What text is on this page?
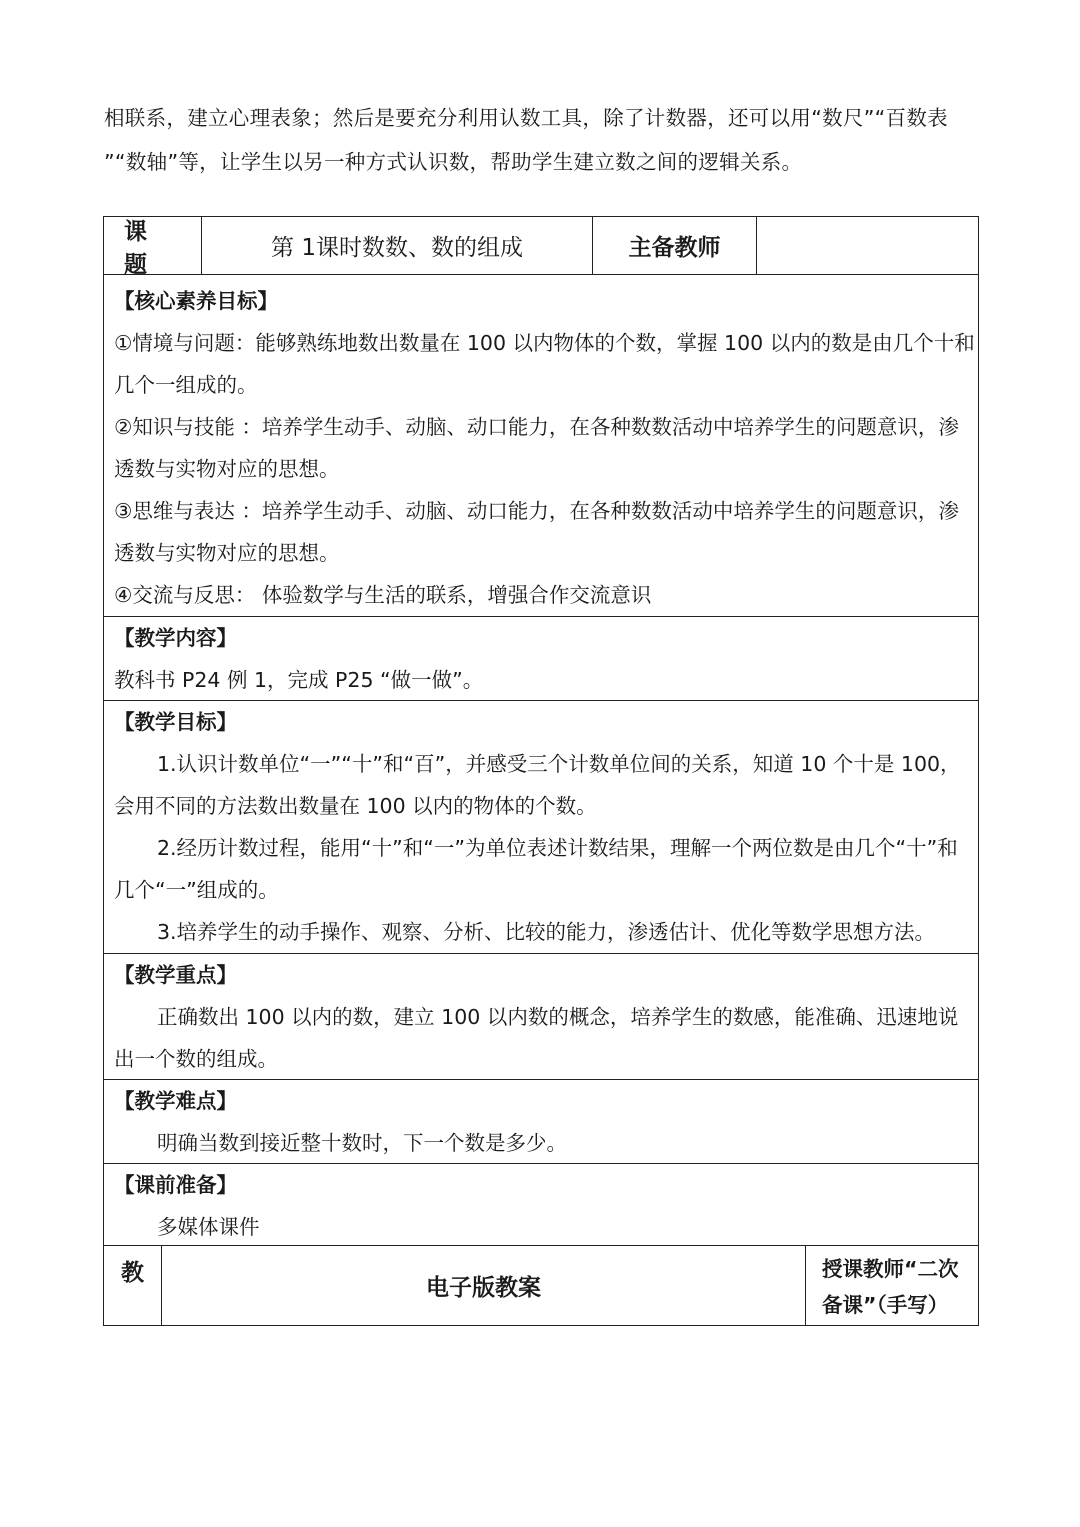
相联系，建立心理表象；然后是要充分利用认数工具，除了计数器，还可以用“数尺”“百数表

”“数轴”等，让学生以另一种方式认识数，帮助学生建立数之间的逻辑关系。

课 题
第 1课时数数、数的组成	主备教师

【核心素养目标】

①情境与问题：能够熟练地数出数量在 100 以内物体的个数，掌握 100 以内的数是由几个十和几个一组成的。

②知识与技能 ：培养学生动手、动脑、动口能力，在各种数数活动中培养学生的问题意识，渗透数与实物对应的思想。

③思维与表达 ：培养学生动手、动脑、动口能力，在各种数数活动中培养学生的问题意识，渗透数与实物对应的思想。

④交流与反思： 体验数学与生活的联系，增强合作交流意识

【教学内容】

教科书 P24 例 1，完成 P25 “做一做”。

【教学目标】

1.认识计数单位“一”“十”和“百”，并感受三个计数单位间的关系，知道 10 个十是 100，会用不同的方法数出数量在 100 以内的物体的个数。

2.经历计数过程，能用“十”和“一”为单位表述计数结果，理解一个两位数是由几个“十”和几个“一”组成的。

3.培养学生的动手操作、观察、分析、比较的能力，渗透估计、优化等数学思想方法。

【教学重点】

正确数出 100 以内的数，建立 100 以内数的概念，培养学生的数感，能准确、迅速地说出一个数的组成。

【教学难点】

明确当数到接近整十数时，下一个数是多少。

【课前准备】

多媒体课件

教
电子版教案
授课教师“二次
备课”（手写）
